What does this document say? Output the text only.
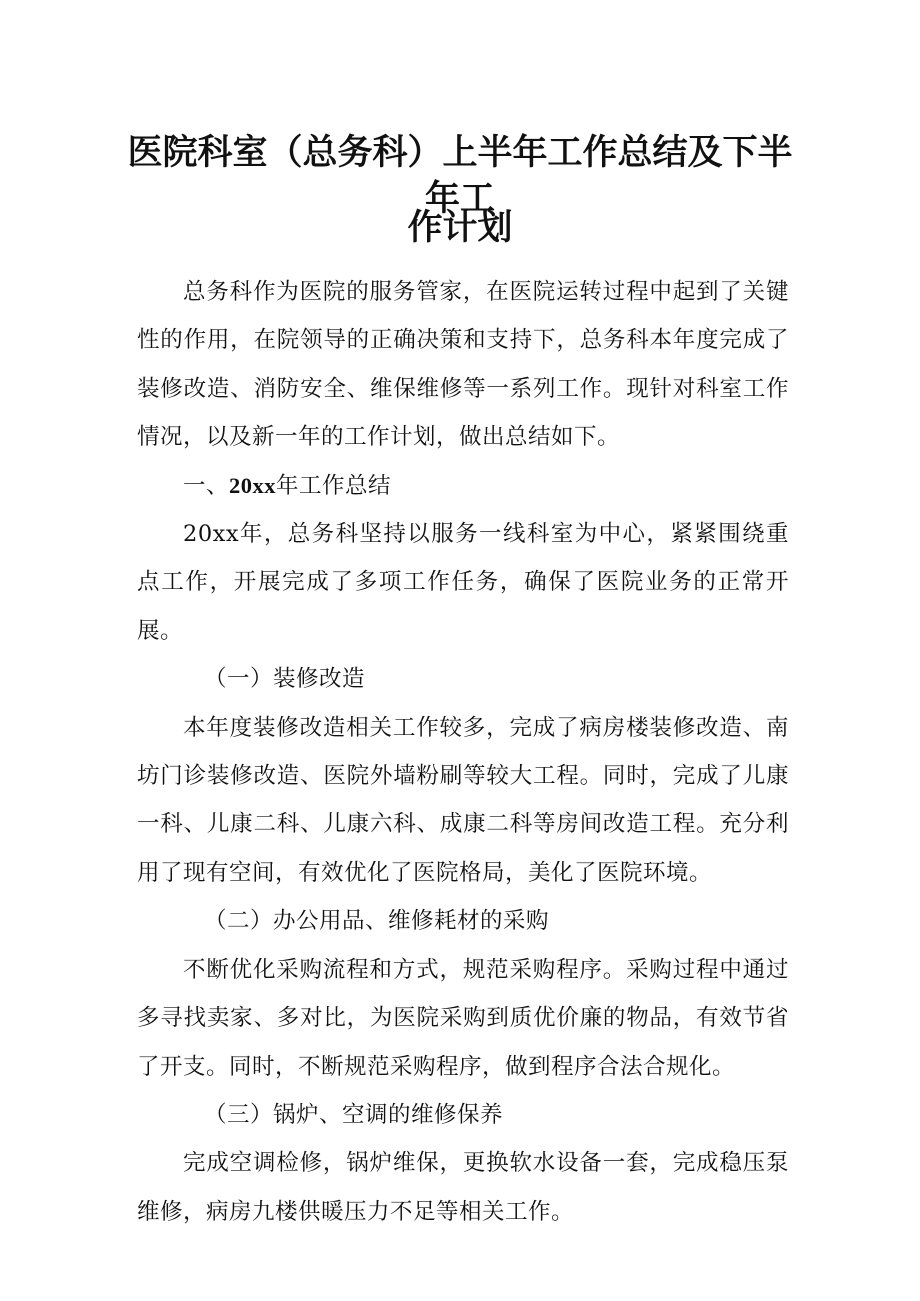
医院科室（总务科）上半年工作总结及下半年工
作计划

总务科作为医院的服务管家，在医院运转过程中起到了关键性的作用，在院领导的正确决策和支持下，总务科本年度完成了装修改造、消防安全、维保维修等一系列工作。现针对科室工作情况，以及新一年的工作计划，做出总结如下。

一、20xx年工作总结

20xx年，总务科坚持以服务一线科室为中心，紧紧围绕重点工作，开展完成了多项工作任务，确保了医院业务的正常开展。

（一）装修改造

本年度装修改造相关工作较多，完成了病房楼装修改造、南坊门诊装修改造、医院外墙粉刷等较大工程。同时，完成了儿康一科、儿康二科、儿康六科、成康二科等房间改造工程。充分利用了现有空间，有效优化了医院格局，美化了医院环境。

（二）办公用品、维修耗材的采购

不断优化采购流程和方式，规范采购程序。采购过程中通过多寻找卖家、多对比，为医院采购到质优价廉的物品，有效节省了开支。同时，不断规范采购程序，做到程序合法合规化。

（三）锅炉、空调的维修保养

完成空调检修，锅炉维保，更换软水设备一套，完成稳压泵维修，病房九楼供暖压力不足等相关工作。
